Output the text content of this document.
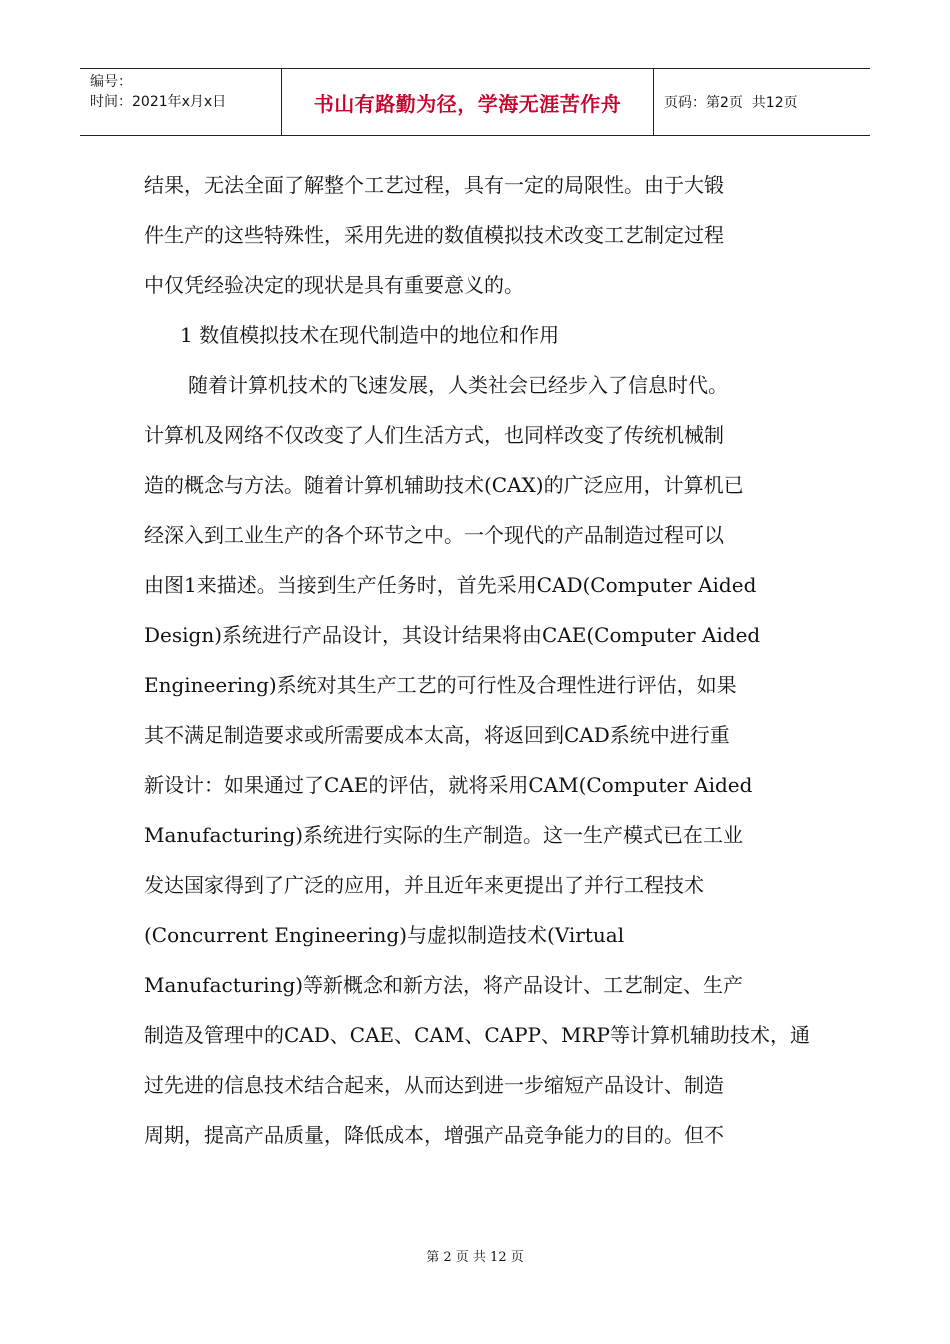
编号：
时间：2021年x月x日	书山有路勤为径，学海无涯苦作舟	页码：第2页  共12页

结果，无法全面了解整个工艺过程，具有一定的局限性。由于大锻

件生产的这些特殊性，采用先进的数值模拟技术改变工艺制定过程

中仅凭经验决定的现状是具有重要意义的。

1 数值模拟技术在现代制造中的地位和作用

随着计算机技术的飞速发展，人类社会已经步入了信息时代。

计算机及网络不仅改变了人们生活方式，也同样改变了传统机械制

造的概念与方法。随着计算机辅助技术(CAX)的广泛应用，计算机已

经深入到工业生产的各个环节之中。一个现代的产品制造过程可以

由图1来描述。当接到生产任务时，首先采用CAD(Computer Aided

Design)系统进行产品设计，其设计结果将由CAE(Computer Aided

Engineering)系统对其生产工艺的可行性及合理性进行评估，如果

其不满足制造要求或所需要成本太高，将返回到CAD系统中进行重

新设计：如果通过了CAE的评估，就将采用CAM(Computer Aided

Manufacturing)系统进行实际的生产制造。这一生产模式已在工业

发达国家得到了广泛的应用，并且近年来更提出了并行工程技术

(Concurrent Engineering)与虚拟制造技术(Virtual

Manufacturing)等新概念和新方法，将产品设计、工艺制定、生产

制造及管理中的CAD、CAE、CAM、CAPP、MRP等计算机辅助技术，通

过先进的信息技术结合起来，从而达到进一步缩短产品设计、制造

周期，提高产品质量，降低成本，增强产品竞争能力的目的。但不

第 2 页 共 12 页
